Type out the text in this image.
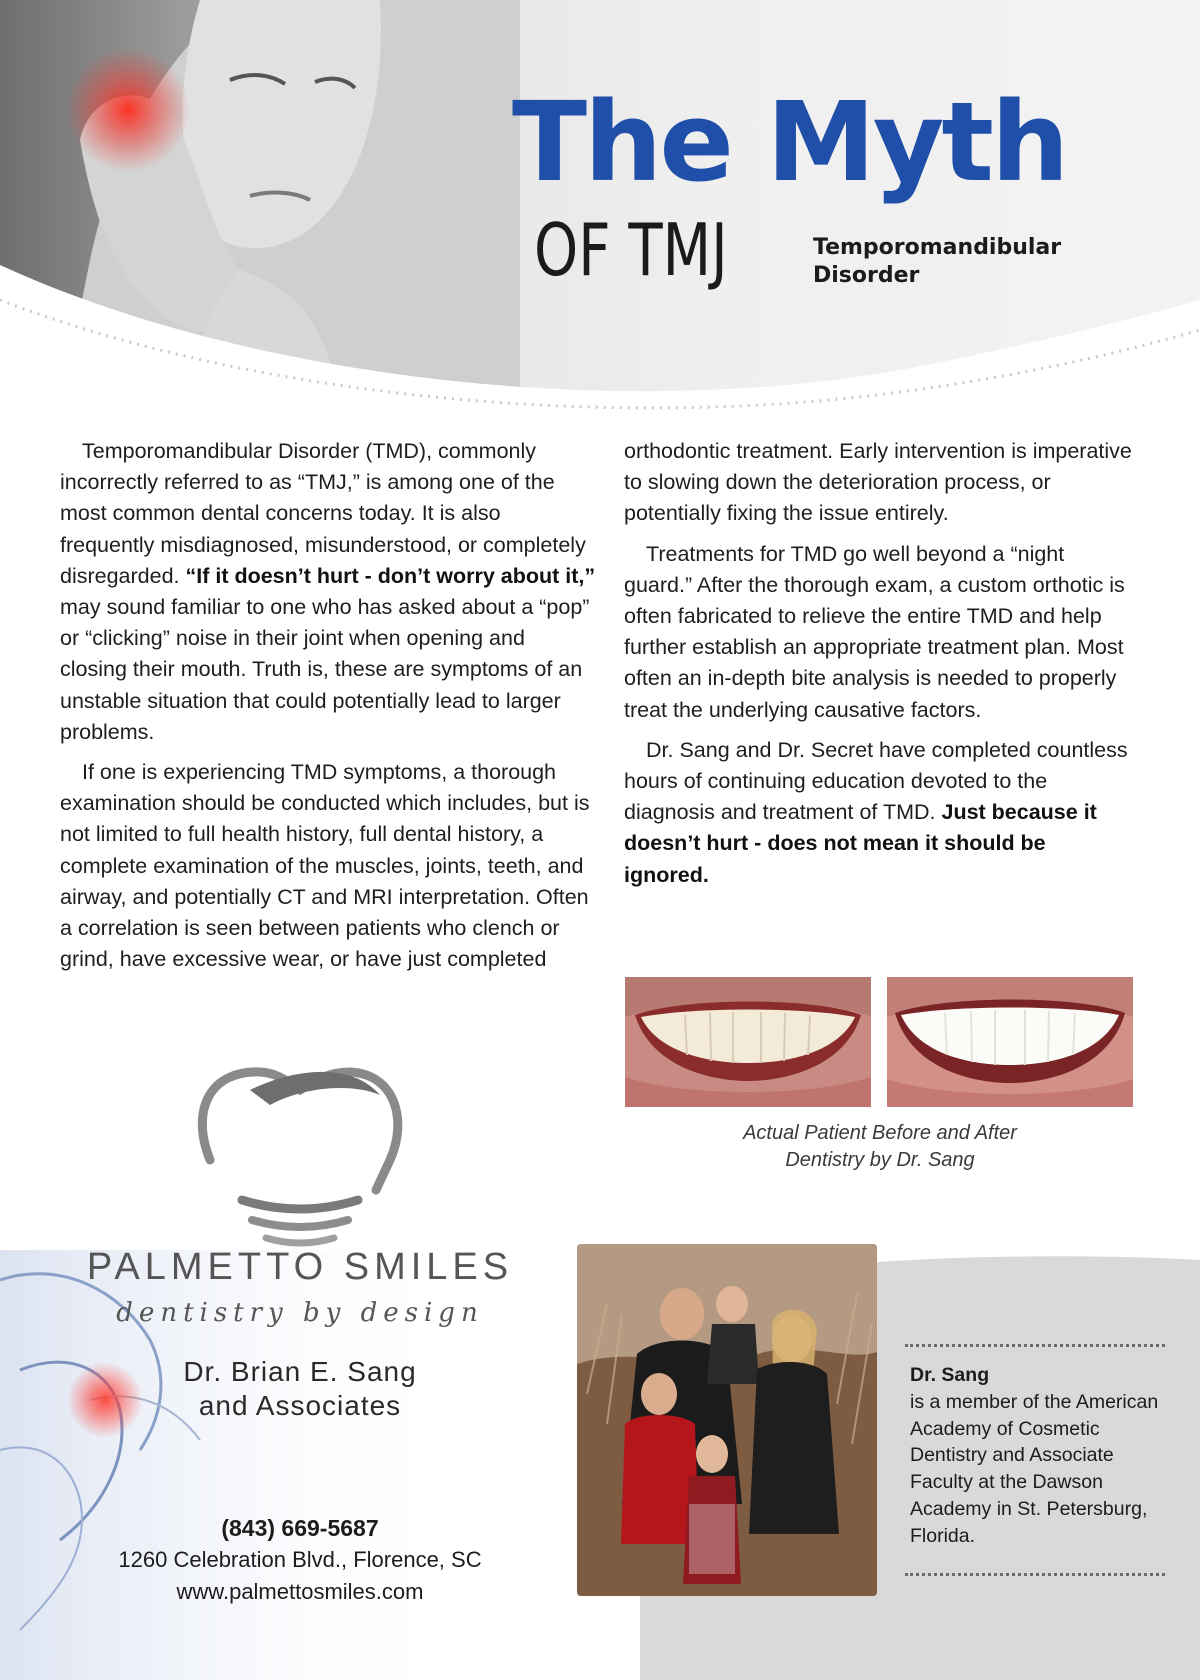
The Myth
OF TMJ	Temporomandibular Disorder

Temporomandibular Disorder (TMD), commonly incorrectly referred to as “TMJ,” is among one of the most common dental concerns today. It is also frequently misdiagnosed, misunderstood, or completely disregarded. “If it doesn’t hurt - don’t worry about it,” may sound familiar to one who has asked about a “pop” or “clicking” noise in their joint when opening and closing their mouth. Truth is, these are symptoms of an unstable situation that could potentially lead to larger problems.

If one is experiencing TMD symptoms, a thorough examination should be conducted which includes, but is not limited to full health history, full dental history, a complete examination of the muscles, joints, teeth, and airway, and potentially CT and MRI interpretation. Often a correlation is seen between patients who clench or grind, have excessive wear, or have just completed

orthodontic treatment. Early intervention is imperative to slowing down the deterioration process, or potentially fixing the issue entirely.

Treatments for TMD go well beyond a “night guard.” After the thorough exam, a custom orthotic is often fabricated to relieve the entire TMD and help further establish an appropriate treatment plan. Most often an in-depth bite analysis is needed to properly treat the underlying causative factors.

Dr. Sang and Dr. Secret have completed countless hours of continuing education devoted to the diagnosis and treatment of TMD. Just because it doesn’t hurt - does not mean it should be ignored.

Actual Patient Before and After
Dentistry by Dr. Sang
PALMETTO SMILES
dentistry by design
Dr. Brian E. Sang
and Associates
(843) 669-5687
1260 Celebration Blvd., Florence, SC
www.palmettosmiles.com
Dr. Sang
is a member of the American Academy of Cosmetic Dentistry and Associate Faculty at the Dawson Academy in St. Petersburg, Florida.
